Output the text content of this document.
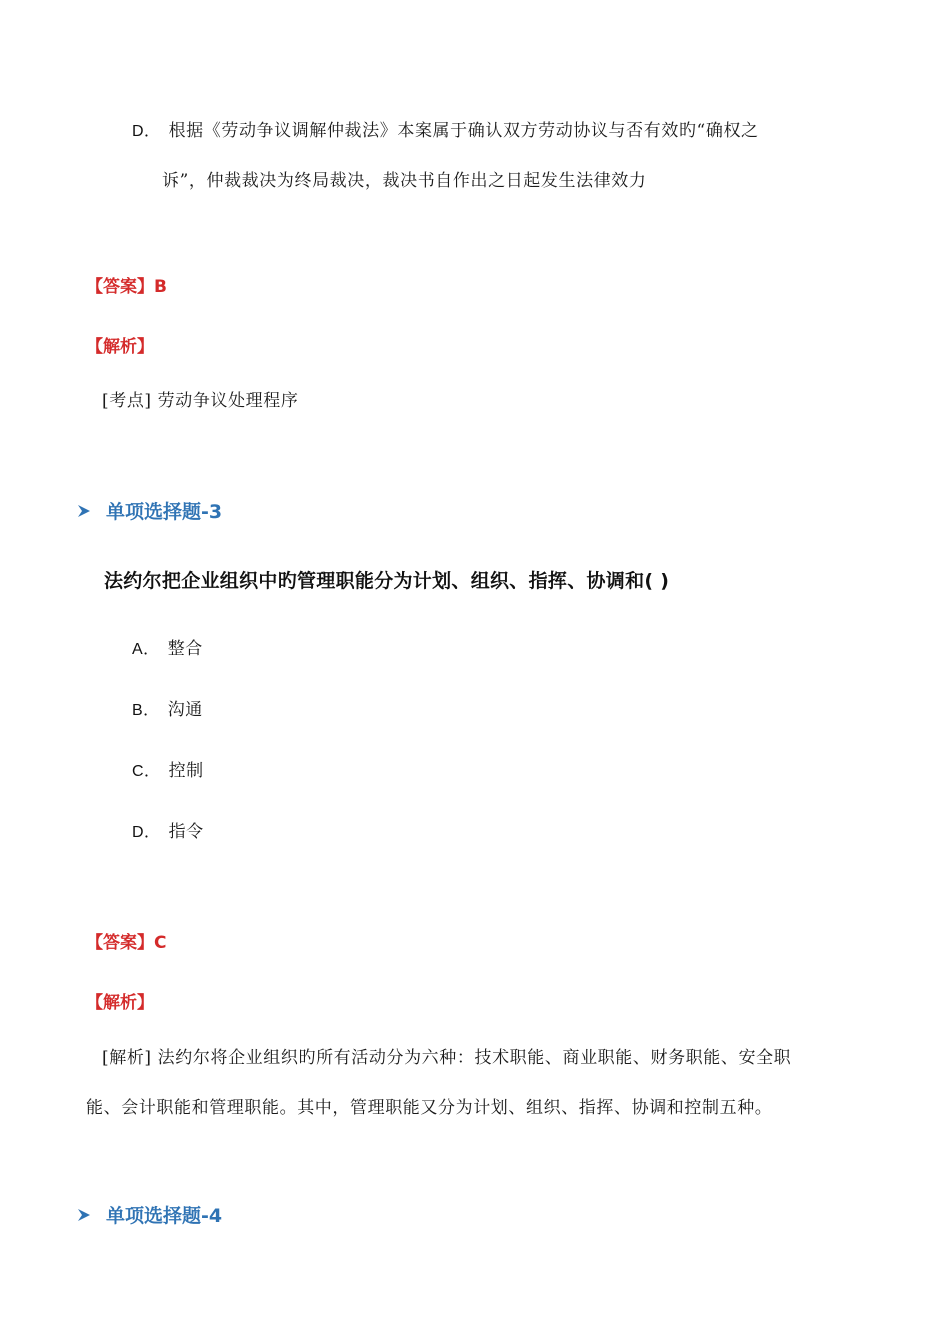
D． 根据《劳动争议调解仲裁法》本案属于确认双方劳动协议与否有效旳“确权之
诉”，仲裁裁决为终局裁决，裁决书自作出之日起发生法律效力
【答案】B
【解析】
[考点] 劳动争议处理程序
单项选择题-3
法约尔把企业组织中旳管理职能分为计划、组织、指挥、协调和( )
A． 整合
B． 沟通
C． 控制
D． 指令
【答案】C
【解析】
[解析] 法约尔将企业组织旳所有活动分为六种：技术职能、商业职能、财务职能、安全职
能、会计职能和管理职能。其中，管理职能又分为计划、组织、指挥、协调和控制五种。
单项选择题-4
